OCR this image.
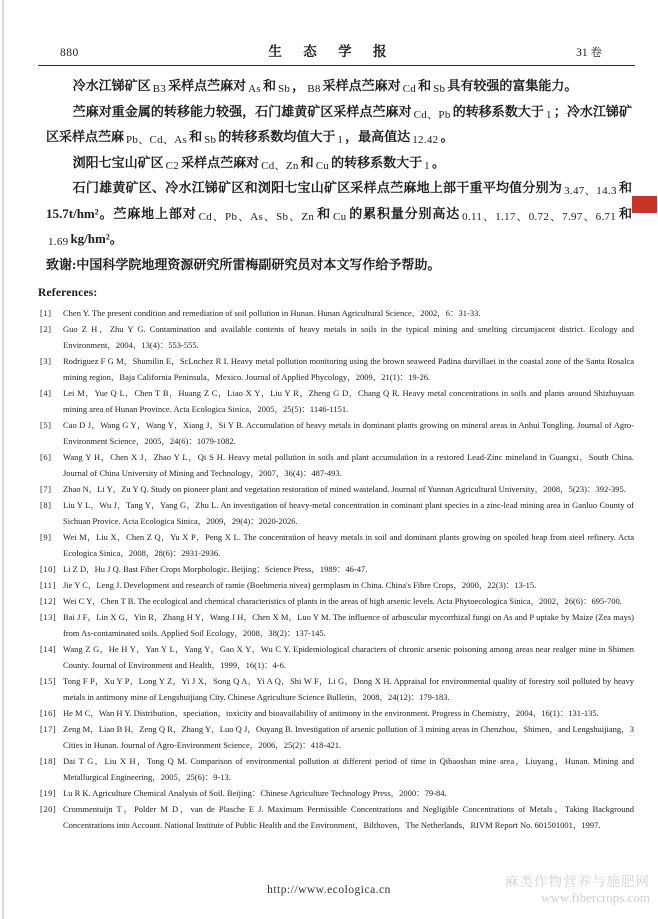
880	生 态 学 报	31 卷

冷水江锑矿区 B3 采样点苎麻对 As 和 Sb ， B8 采样点苎麻对 Cd 和 Sb 具有较强的富集能力。

苎麻对重金属的转移能力较强，石门雄黄矿区采样点苎麻对 Cd、Pb 的转移系数大于 1 ；冷水江锑矿区采样点苎麻 Pb、Cd、As 和 Sb 的转移系数均值大于 1 ，最高值达 12.42 。

浏阳七宝山矿区 C2 采样点苎麻对 Cd、Zn 和 Cu 的转移系数大于 1 。

石门雄黄矿区、冷水江锑矿区和浏阳七宝山矿区采样点苎麻地上部干重平均值分别为 3.47、14.3 和15.7t/hm²。苎麻地上部对 Cd、Pb、As、Sb、Zn 和 Cu 的累积量分别高达 0.11、1.17、0.72、7.97、6.71 和1.69 kg/hm²。

致谢:中国科学院地理资源研究所雷梅副研究员对本文写作给予帮助。

References:
[1]	Chen Y. The present condition and remediation of soil pollution in Hunan. Hunan Agricultural Science，2002，6：31-33.
[2]	Guo Z H，Zhu Y G. Contamination and available contents of heavy metals in soils in the typical mining and smelting circumjacent district. Ecology and Environment，2004，13(4)：553-555.
[3]	Rodriguez F G M，Shumilin E，ScLnchez R I. Heavy metal pollution monitoring using the brown seaweed Padina durvillaei in the coastal zone of the Santa Rosalca mining region，Baja California Peninsula，Mexico. Journal of Applied Phycology，2009，21(1)：19-26.
[4]	Lei M，Yue Q L，Chen T B，Huang Z C，Liao X Y，Liu Y R，Zheng G D，Chang Q R. Heavy metal concentrations in soils and plants around Shizhuyuan mining area of Hunan Province. Acta Ecologica Sinica，2005，25(5)：1146-1151.
[5]	Cao D J，Wang G Y，Wang Y，Xiang J，Si Y B. Accumulation of heavy metals in dominant plants growing on mineral areas in Anhui Tongling. Journal of Agro-Environment Science，2005，24(6)：1079-1082.
[6]	Wang Y H，Chen X J，Zhao Y L，Qi S H. Heavy metal pollution in soils and plant accumulation in a restored Lead-Zinc mineland in Guangxi，South China. Journal of China University of Mining and Technology，2007，36(4)：487-493.
[7]	Zhao N，Li Y，Zu Y Q. Study on pioneer plant and vegetation restoration of mined wasteland. Journal of Yunnan Agricultural University，2008，5(23)：392-395.
[8]	Liu Y L，Wu J，Tang Y，Yang G，Zhu L. An investigation of heavy-metal concentration in cominant plant species in a zinc-lead mining area in Ganluo County of Sichuan Provice. Acta Ecologica Sinica，2009，29(4)：2020-2026.
[9]	Wei M，Liu X，Chen Z Q，Yu X P，Peng X L. The concentration of heavy metals in soil and dominant plants growing on spoiled heap from steel refinery. Acta Ecologica Sinica，2008，28(6)：2931-2936.
[10] Li Z D，Hu J Q. Bast Fiber Crops Morphologic. Beijing：Science Press，1989：46-47.
[11] Jie Y C，Leng J. Development and research of ramie (Boehmeria nivea) germplasm in China. China's Fibre Crops，2000，22(3)：13-15.
[12] Wei C Y，Chen T B. The ecological and chemical characteristics of plants in the areas of high arsenic levels. Acta Phytoecologica Sinica，2002，26(6)：695-700.
[13] Bai J F，Lin X G，Yin R，Zhang H Y，Wang J H，Chen X M，Luo Y M. The influence of arbuscular mycorrhizal fungi on As and P uptake by Maize (Zea mays) from As-contaminated soils. Applied Soil Ecology，2008，38(2)：137-145.
[14] Wang Z G，He H Y，Yan Y L，Yang Y，Gao X Y，Wu C Y. Epidemiological characters of chronic arsenic poisoning among areas near realger mine in Shimen County. Journal of Environment and Health，1999，16(1)：4-6.
[15] Tong F P，Xu Y P，Long Y Z，Yi J X，Song Q A，Yi A Q，Shi W F，Li G，Dong X H. Appraisal for environmental quality of forestry soil polluted by heavy metals in antimony mine of Lengshuijiang City. Chinese Agriculture Science Bulletin，2008，24(12)：179-183.
[16] He M C，Wan H Y. Distribution，speciation，toxicity and bioavailability of antimony in the environment. Progress in Chemistry，2004，16(1)：131-135.
[17] Zeng M，Liao B H，Zeng Q R，Zhang Y，Luo Q J，Ouyang B. Investigation of arsenic pollution of 3 mining areas in Chenzhou，Shimen，and Lengshuijiang，3 Cities in Hunan. Journal of Agro-Environment Science，2006，25(2)：418-421.
[18] Dai T G，Liu X H，Tong Q M. Comparison of environmental pollution at different period of time in Qibaoshan mine area，Liuyang，Hunan. Mining and Metallurgical Engineering，2005，25(6)：9-13.
[19] Lu R K. Agriculture Chemical Analysis of Soil. Beijing：Chinese Agriculture Technology Press，2000：79-84.
[20] Crommentuijn T，Polder M D，van de Plasche E J. Maximum Permissible Concentrations and Negligible Concentrations of Metals，Taking Background Concentrations into Account. National Institute of Public Health and the Environment，Bilthoven，The Netherlands，RIVM Report No. 601501001，1997.
http://www.ecologica.cn
麻类作物营养与施肥网
www.fibercrops.com
